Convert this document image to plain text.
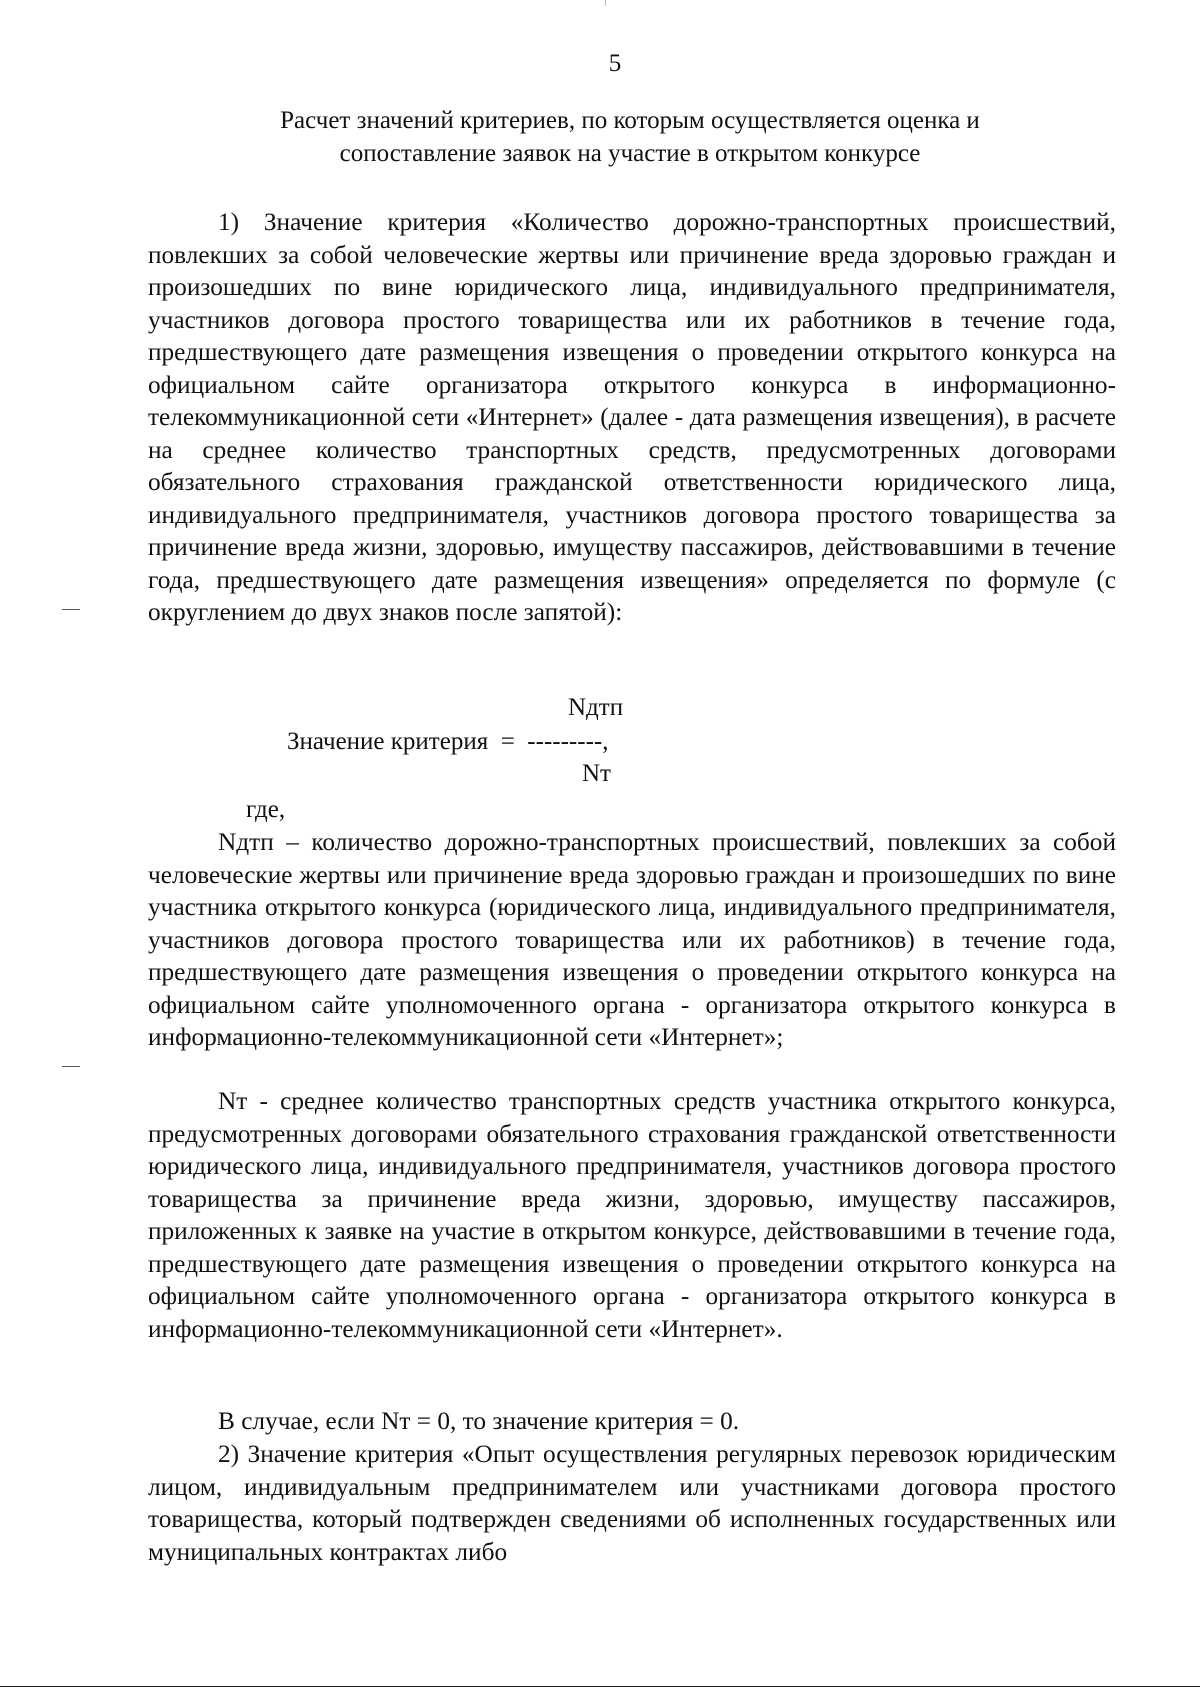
5
Расчет значений критериев, по которым осуществляется оценка и
сопоставление заявок на участие в открытом конкурсе

1) Значение критерия «Количество дорожно-транспортных происшествий, повлекших за собой человеческие жертвы или причинение вреда здоровью граждан и произошедших по вине юридического лица, индивидуального предпринимателя, участников договора простого товарищества или их работников в течение года, предшествующего дате размещения извещения о проведении открытого конкурса на официальном сайте организатора открытого конкурса в информационно-телекоммуникационной сети «Интернет» (далее - дата размещения извещения), в расчете на среднее количество транспортных средств, предусмотренных договорами обязательного страхования гражданской ответственности юридического лица, индивидуального предпринимателя, участников договора простого товарищества за причинение вреда жизни, здоровью, имуществу пассажиров, действовавшими в течение года, предшествующего дате размещения извещения» определяется по формуле (с округлением до двух знаков после запятой):

Nдтп
Значение критерия  =  ---------,
Nт
где,

Nдтп – количество дорожно-транспортных происшествий, повлекших за собой человеческие жертвы или причинение вреда здоровью граждан и произошедших по вине участника открытого конкурса (юридического лица, индивидуального предпринимателя, участников договора простого товарищества или их работников) в течение года, предшествующего дате размещения извещения о проведении открытого конкурса на официальном сайте уполномоченного органа - организатора открытого конкурса в информационно-телекоммуникационной сети «Интернет»;

Nт - среднее количество транспортных средств участника открытого конкурса, предусмотренных договорами обязательного страхования гражданской ответственности юридического лица, индивидуального предпринимателя, участников договора простого товарищества за причинение вреда жизни, здоровью, имуществу пассажиров, приложенных к заявке на участие в открытом конкурсе, действовавшими в течение года, предшествующего дате размещения извещения о проведении открытого конкурса на официальном сайте уполномоченного органа - организатора открытого конкурса в информационно-телекоммуникационной сети «Интернет».

В случае, если Nт = 0, то значение критерия = 0.

2) Значение критерия «Опыт осуществления регулярных перевозок юридическим лицом, индивидуальным предпринимателем или участниками договора простого товарищества, который подтвержден сведениями об исполненных государственных или муниципальных контрактах либо
